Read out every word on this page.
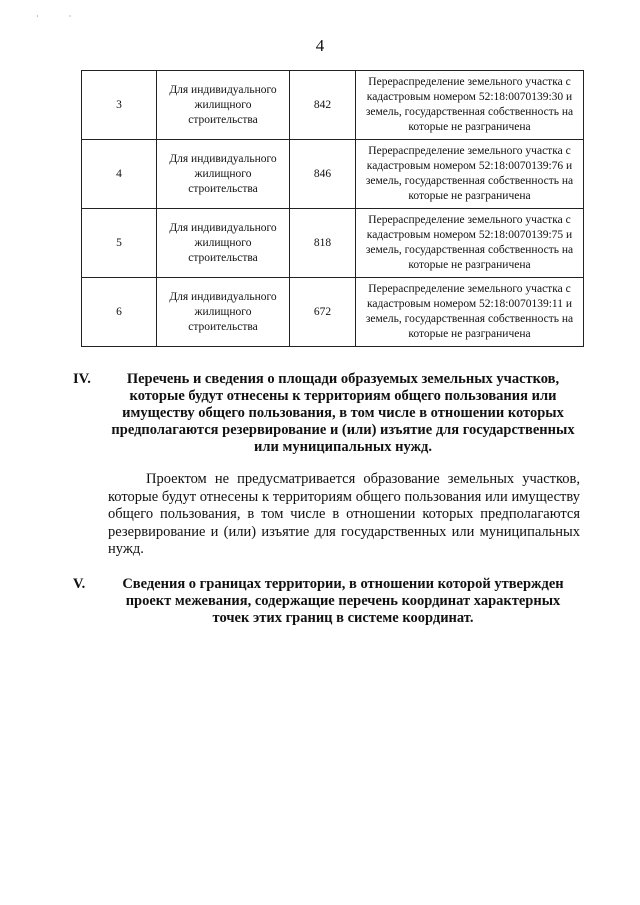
· ·
4
3	Для индивидуального жилищного строительства	842	Перераспределение земельного участка с кадастровым номером 52:18:0070139:30 и земель, государственная собственность на которые не разграничена
4	Для индивидуального жилищного строительства	846	Перераспределение земельного участка с кадастровым номером 52:18:0070139:76 и земель, государственная собственность на которые не разграничена
5	Для индивидуального жилищного строительства	818	Перераспределение земельного участка с кадастровым номером 52:18:0070139:75 и земель, государственная собственность на которые не разграничена
6	Для индивидуального жилищного строительства	672	Перераспределение земельного участка с кадастровым номером 52:18:0070139:11 и земель, государственная собственность на которые не разграничена
IV. Перечень и сведения о площади образуемых земельных участков, которые будут отнесены к территориям общего пользования или имуществу общего пользования, в том числе в отношении которых предполагаются резервирование и (или) изъятие для государственных или муниципальных нужд.
Проектом не предусматривается образование земельных участков, которые будут отнесены к территориям общего пользования или имуществу общего пользования, в том числе в отношении которых предполагаются резервирование и (или) изъятие для государственных или муниципальных нужд.
V.	Сведения о границах территории, в отношении которой утвержден проект межевания, содержащие перечень координат характерных точек этих границ в системе координат.
